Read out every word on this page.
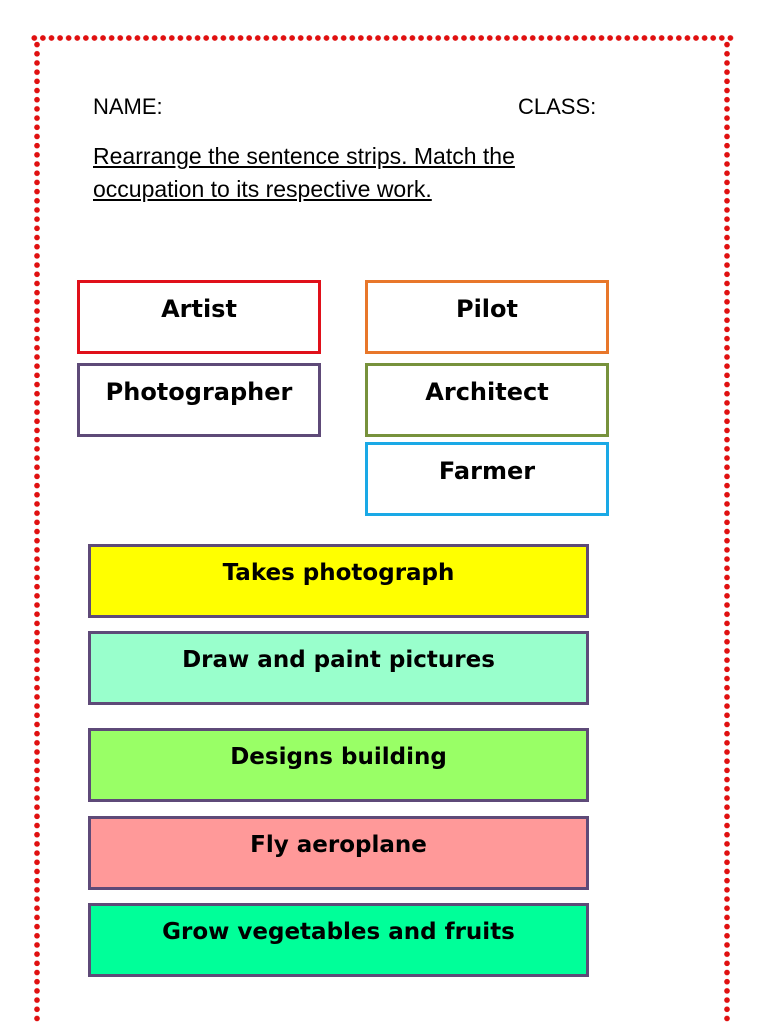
NAME:	CLASS:

Rearrange the sentence strips. Match the occupation to its respective work.

Artist	Pilot
Photographer	Architect
Farmer
Takes photograph
Draw and paint pictures
Designs building
Fly aeroplane
Grow vegetables and fruits
